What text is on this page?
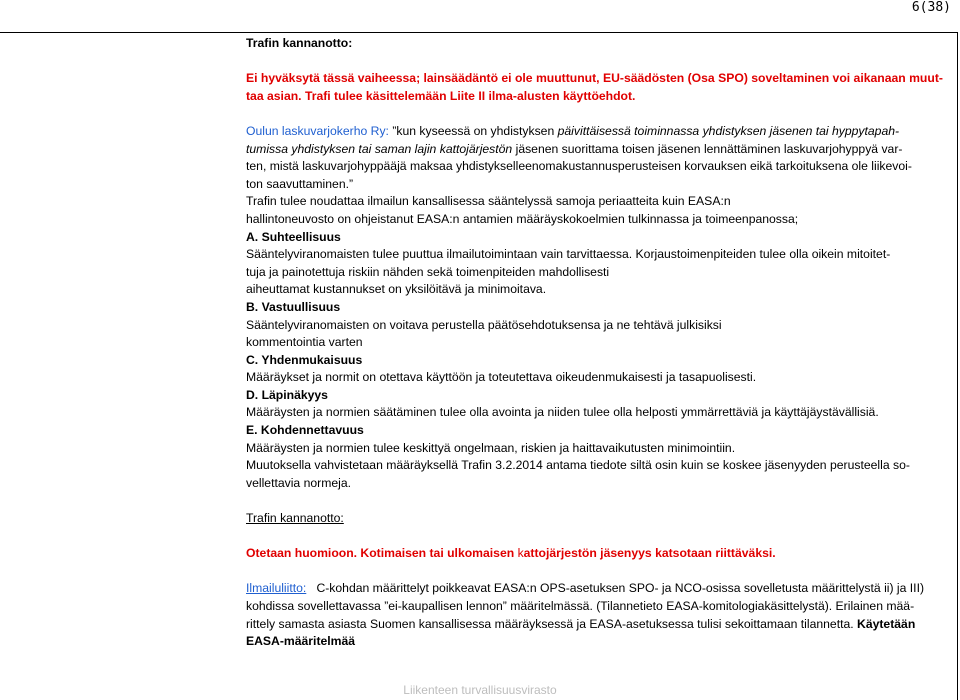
6(38)

Trafin kannanotto:

Ei hyväksytä tässä vaiheessa; lainsäädäntö ei ole muuttunut, EU-säädösten (Osa SPO) soveltaminen voi aikanaan muut-
taa asian. Trafi tulee käsittelemään Liite II ilma-alusten käyttöehdot.

Oulun laskuvarjokerho Ry: ”kun kyseessä on yhdistyksen päivittäisessä toiminnassa yhdistyksen jäsenen tai hyppytapah-
tumissa yhdistyksen tai saman lajin kattojärjestön jäsenen suorittama toisen jäsenen lennättäminen laskuvarjohyppyä var-
ten, mistä laskuvarjohyppääjä maksaa yhdistykselleenomakustannusperusteisen korvauksen eikä tarkoituksena ole liikevoi-
ton saavuttaminen.”

Trafin tulee noudattaa ilmailun kansallisessa sääntelyssä samoja periaatteita kuin EASA:n
hallintoneuvosto on ohjeistanut EASA:n antamien määräyskokoelmien tulkinnassa ja toimeenpanossa;

A. Suhteellisuus

Sääntelyviranomaisten tulee puuttua ilmailutoimintaan vain tarvittaessa. Korjaustoimenpiteiden tulee olla oikein mitoitet-
tuja ja painotettuja riskiin nähden sekä toimenpiteiden mahdollisesti
aiheuttamat kustannukset on yksilöitävä ja minimoitava.

B. Vastuullisuus

Sääntelyviranomaisten on voitava perustella päätösehdotuksensa ja ne tehtävä julkisiksi
kommentointia varten

C. Yhdenmukaisuus

Määräykset ja normit on otettava käyttöön ja toteutettava oikeudenmukaisesti ja tasapuolisesti.

D. Läpinäkyys

Määräysten ja normien säätäminen tulee olla avointa ja niiden tulee olla helposti ymmärrettäviä ja käyttäjäystävällisiä.

E. Kohdennettavuus

Määräysten ja normien tulee keskittyä ongelmaan, riskien ja haittavaikutusten minimointiin.

Muutoksella vahvistetaan määräyksellä Trafin 3.2.2014 antama tiedote siltä osin kuin se koskee jäsenyyden perusteella so-
vellettavia normeja.

Trafin kannanotto:

Otetaan huomioon. Kotimaisen tai ulkomaisen kattojärjestön jäsenyys katsotaan riittäväksi.

Ilmailuliitto:   C-kohdan määrittelyt poikkeavat EASA:n OPS-asetuksen SPO- ja NCO-osissa sovelletusta määrittelystä ii) ja III)
kohdissa sovellettavassa ”ei-kaupallisen lennon” määritelmässä. (Tilannetieto EASA-komitologiakäsittelystä). Erilainen mää-
rittely samasta asiasta Suomen kansallisessa määräyksessä ja EASA-asetuksessa tulisi sekoittamaan tilannetta. Käytetään
EASA-määritelmää

Liikenteen turvallisuusvirasto
